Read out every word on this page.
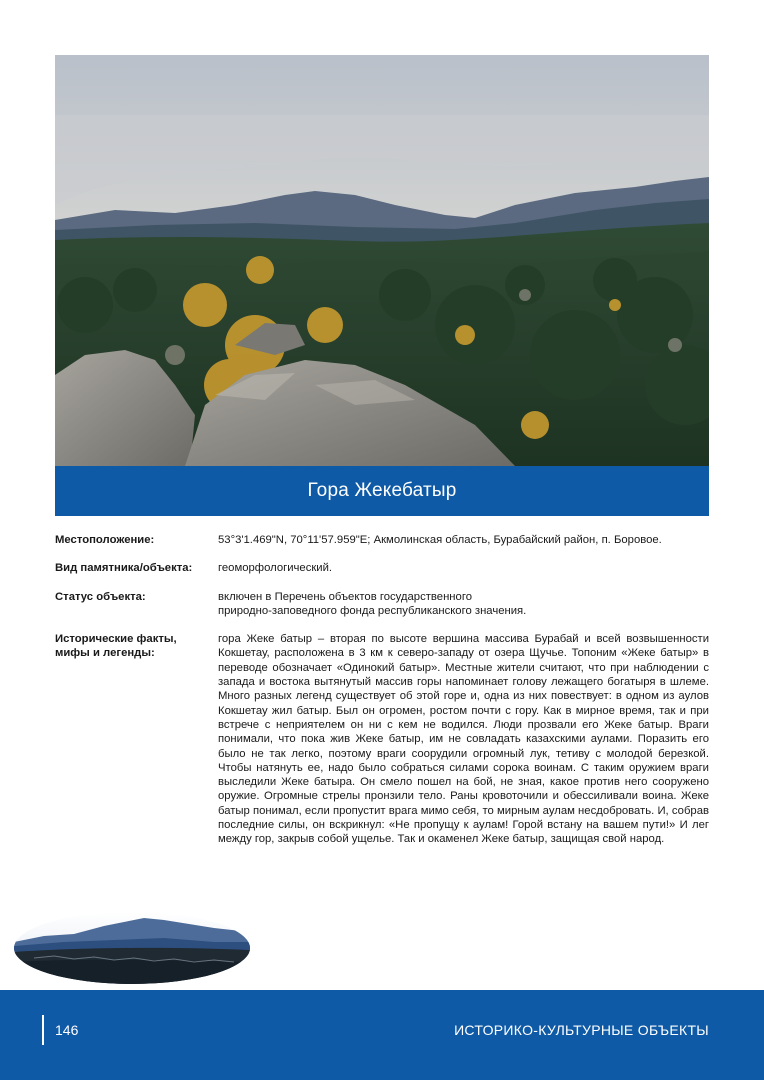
Гора Жекебатыр
Местоположение:	53°3'1.469"N, 70°11'57.959"E; Акмолинская область, Бурабайский район, п. Боровое.

Вид памятника/объекта:	геоморфологический.

Статус объекта:	включен в Перечень объектов государственного

природно-заповедного фонда республиканского значения.

Исторические факты,
мифы и легенды:
гора Жеке батыр – вторая по высоте вершина массива Бурабай и всей возвышенности Кокшетау, расположена в 3 км к северо-западу от озера Щучье. Топоним «Жеке батыр» в переводе обозначает «Одинокий батыр». Местные жители считают, что при наблюдении с запада и востока вытянутый массив горы напоминает голову лежащего богатыря в шлеме. Много разных легенд существует об этой горе и, одна из них повествует: в одном из аулов Кокшетау жил батыр. Был он огромен, ростом почти с гору. Как в мирное время, так и при встрече с неприятелем он ни с кем не водился. Люди прозвали его Жеке батыр. Враги понимали, что пока жив Жеке батыр, им не совладать казахскими аулами. Поразить его было не так легко, поэтому враги соорудили огромный лук, тетиву с молодой березкой. Чтобы натянуть ее, надо было собраться силами сорока воинам. С таким оружием враги выследили Жеке батыра. Он смело пошел на бой, не зная, какое против него сооружено оружие. Огромные стрелы пронзили тело. Раны кровоточили и обессиливали воина. Жеке батыр понимал, если пропустит врага мимо себя, то мирным аулам несдобровать. И, собрав последние силы, он вскрикнул: «Не пропущу к аулам! Горой встану на вашем пути!» И лег между гор, закрыв собой ущелье. Так и окаменел Жеке батыр, защищая свой народ.
146	ИСТОРИКО-КУЛЬТУРНЫЕ ОБЪЕКТЫ
